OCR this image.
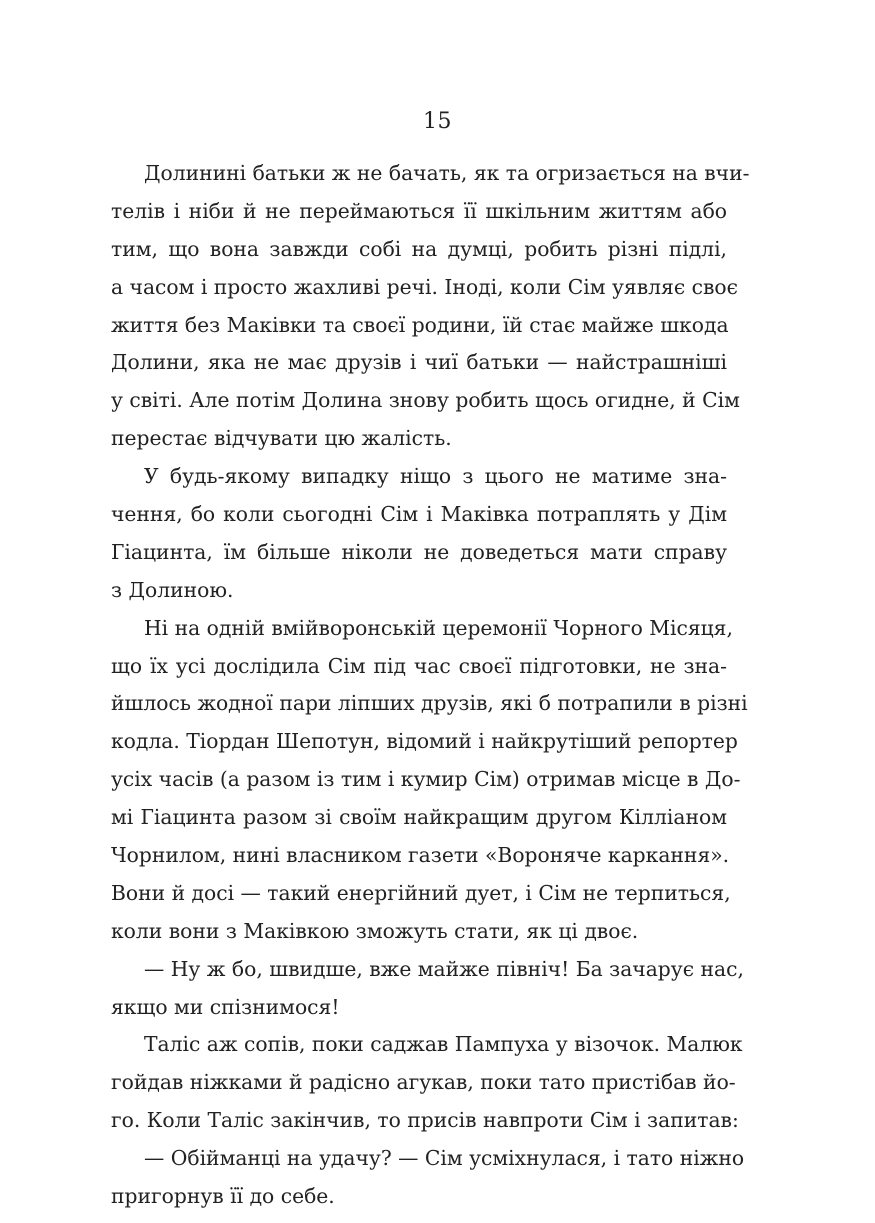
15
Долинині батьки ж не бачать, як та огризається на вчи-
телів і ніби й не переймаються її шкільним життям або
тим, що вона завжди собі на думці, робить різні підлі,
а часом і просто жахливі речі. Іноді, коли Сім уявляє своє
життя без Маківки та своєї родини, їй стає майже шкода
Долини, яка не має друзів і чиї батьки — найстрашніші
у світі. Але потім Долина знову робить щось огидне, й Сім
перестає відчувати цю жалість.
У будь-якому випадку ніщо з цього не матиме зна-
чення, бо коли сьогодні Сім і Маківка потраплять у Дім
Гіацинта, їм більше ніколи не доведеться мати справу
з Долиною.
Ні на одній вмійворонській церемонії Чорного Місяця,
що їх усі дослідила Сім під час своєї підготовки, не зна-
йшлось жодної пари ліпших друзів, які б потрапили в різні
кодла. Тіордан Шепотун, відомий і найкрутіший репортер
усіх часів (а разом із тим і кумир Сім) отримав місце в До-
мі Гіацинта разом зі своїм найкращим другом Кілліаном
Чорнилом, нині власником газети «Вороняче каркання».
Вони й досі — такий енергійний дует, і Сім не терпиться,
коли вони з Маківкою зможуть стати, як ці двоє.
— Ну ж бо, швидше, вже майже північ! Ба зачарує нас,
якщо ми спізнимося!
Таліс аж сопів, поки саджав Пампуха у візочок. Малюк
гойдав ніжками й радісно агукав, поки тато пристібав йо-
го. Коли Таліс закінчив, то присів навпроти Сім і запитав:
— Обійманці на удачу? — Сім усміхнулася, і тато ніжно
пригорнув її до себе.
